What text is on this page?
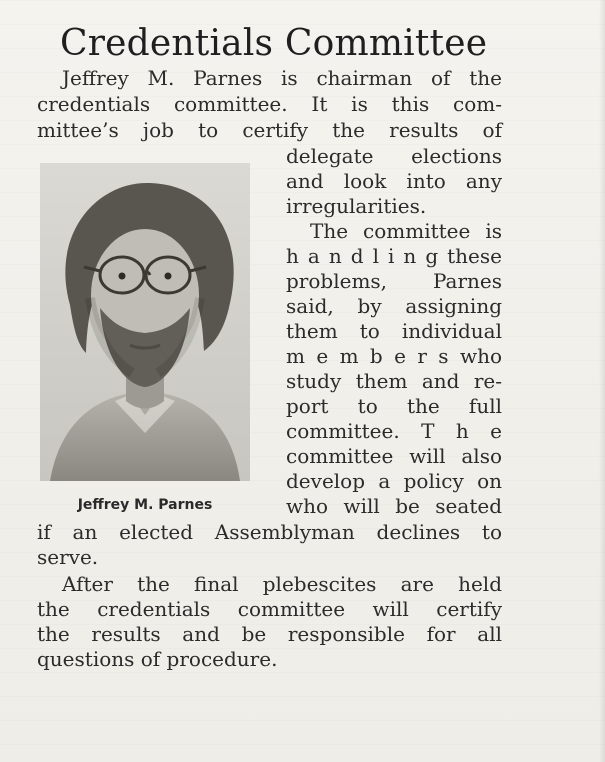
Credentials Committee
Jeffrey M. Parnes is chairman of the
credentials committee. It is this com-
mittee’s job to certify the results of
Jeffrey M. Parnes
delegate elections
and look into any
irregularities.
The committee is
h a n d l i n g these
problems, Parnes
said, by assigning
them to individual
m e m b e r s who
study them and re-
port to the full
committee. T h e
committee will also
develop a policy on
who will be seated
if an elected Assemblyman declines to
serve.
After the final plebescites are held
the credentials committee will certify
the results and be responsible for all
questions of procedure.
